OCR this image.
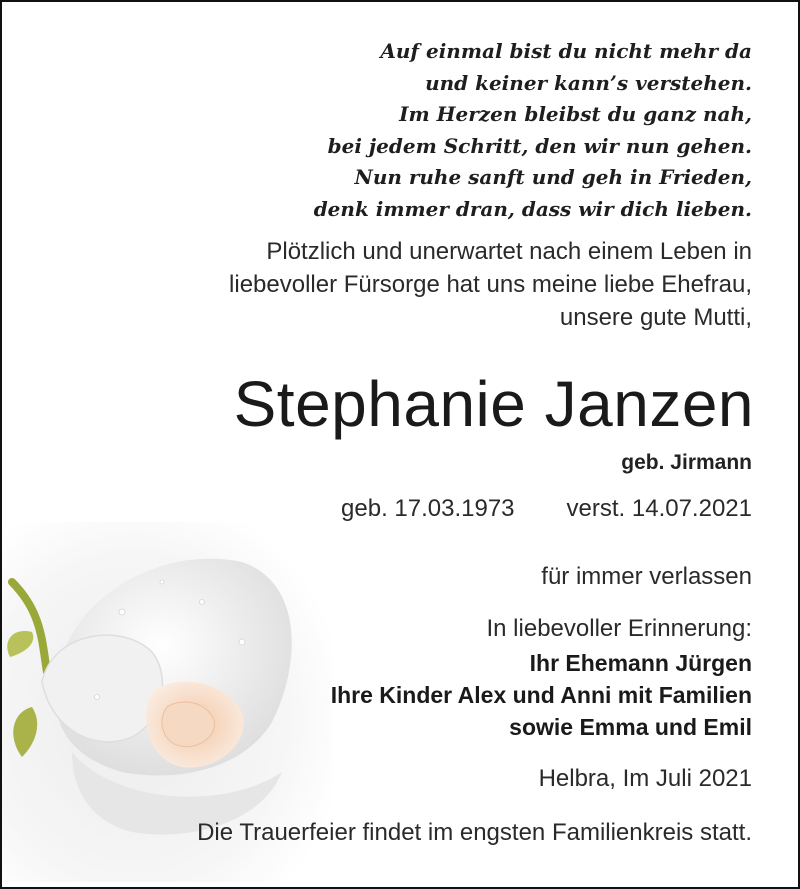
Auf einmal bist du nicht mehr da
und keiner kann’s verstehen.
Im Herzen bleibst du ganz nah,
bei jedem Schritt, den wir nun gehen.
Nun ruhe sanft und geh in Frieden,
denk immer dran, dass wir dich lieben.
Plötzlich und unerwartet nach einem Leben in
liebevoller Fürsorge hat uns meine liebe Ehefrau,
unsere gute Mutti,
Stephanie Janzen
geb. Jirmann
geb. 17.03.1973 verst. 14.07.2021
für immer verlassen
In liebevoller Erinnerung:
Ihr Ehemann Jürgen
Ihre Kinder Alex und Anni mit Familien
sowie Emma und Emil
Helbra, Im Juli 2021
Die Trauerfeier findet im engsten Familienkreis statt.
